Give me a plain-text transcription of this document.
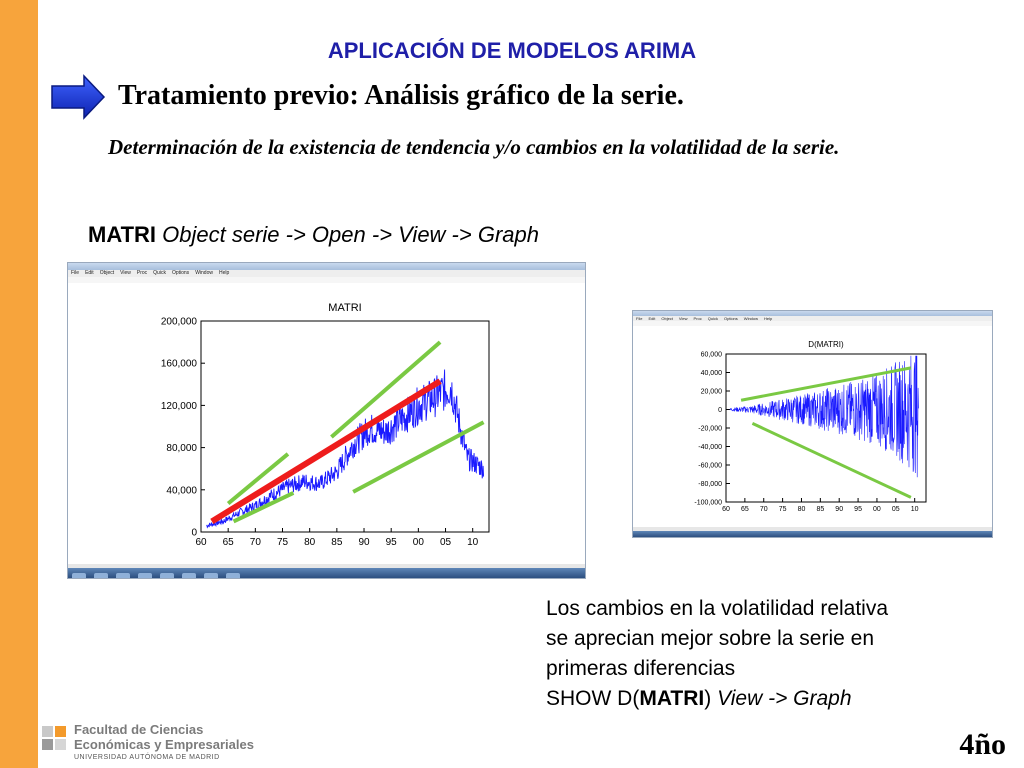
APLICACIÓN DE MODELOS ARIMA
Tratamiento previo: Análisis gráfico de la serie.
Determinación de la existencia de tendencia y/o cambios en la volatilidad de la serie.
MATRI Object serie -> Open -> View -> Graph
File Edit Object View Proc Quick Options Window Help
MATRI
0
40,000
80,000
120,000
160,000
200,000
60 65 70 75 80 85 90 95 00 05 10
File Edit Object View Proc Quick Options Window Help
D(MATRI)
60,000
40,000
20,000
0
-20,000
-40,000
-60,000
-80,000
-100,000
60 65 70 75 80 85 90 95 00 05 10
Los cambios en la volatilidad relativa
se aprecian mejor sobre la serie en
primeras diferencias
SHOW D(MATRI) View -> Graph
Facultad de Ciencias
Económicas y Empresariales
UNIVERSIDAD AUTÓNOMA DE MADRID	4ño
